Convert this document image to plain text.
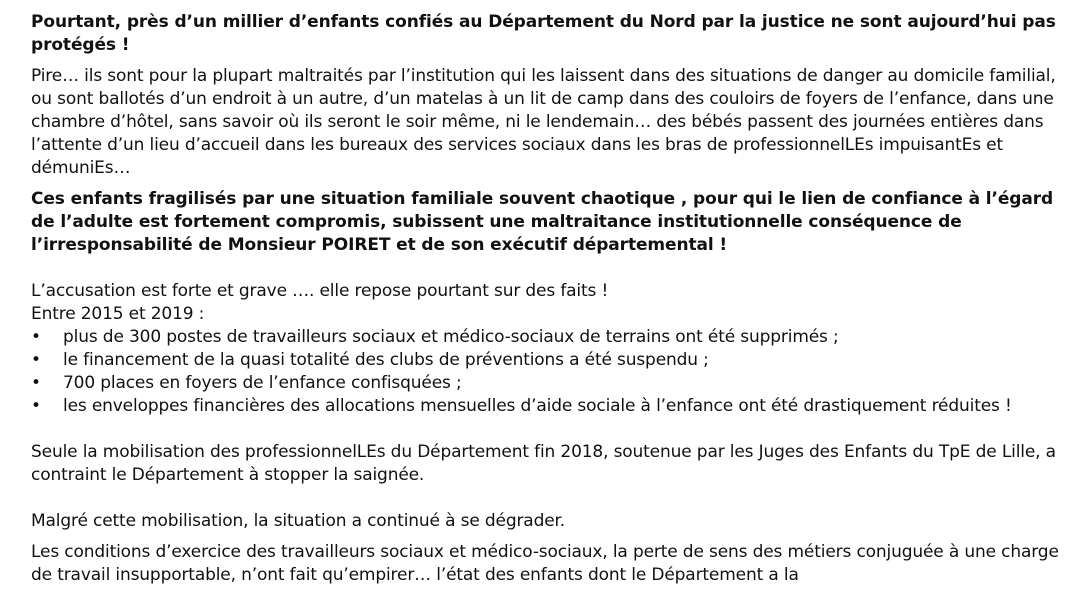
Pourtant, près d’un millier d’enfants confiés au Département du Nord par la justice ne sont aujourd’hui pas protégés !

Pire… ils sont pour la plupart maltraités par l’institution qui les laissent dans des situations de danger au domicile familial, ou sont ballotés d’un endroit à un autre, d’un matelas à un lit de camp dans des couloirs de foyers de l’enfance, dans une chambre d’hôtel, sans savoir où ils seront le soir même, ni le lendemain… des bébés passent des journées entières dans l’attente d’un lieu d’accueil dans les bureaux des services sociaux dans les bras de professionnelLEs impuisantEs et démuniEs…

Ces enfants fragilisés par une situation familiale souvent chaotique , pour qui le lien de confiance à l’égard de l’adulte est fortement compromis, subissent une maltraitance institutionnelle conséquence de l’irresponsabilité de Monsieur POIRET et de son exécutif départemental !

L’accusation est forte et grave …. elle repose pourtant sur des faits !

Entre 2015 et 2019 :

• plus de 300 postes de travailleurs sociaux et médico-sociaux de terrains ont été supprimés ;
• le financement de la quasi totalité des clubs de préventions a été suspendu ;
• 700 places en foyers de l’enfance confisquées ;
• les enveloppes financières des allocations mensuelles d’aide sociale à l’enfance ont été drastiquement réduites !

Seule la mobilisation des professionnelLEs du Département fin 2018, soutenue par les Juges des Enfants du TpE de Lille, a contraint le Département à stopper la saignée.

Malgré cette mobilisation, la situation a continué à se dégrader.

Les conditions d’exercice des travailleurs sociaux et médico-sociaux, la perte de sens des métiers conjuguée à une charge de travail insupportable, n’ont fait qu’empirer… l’état des enfants dont le Département a la
